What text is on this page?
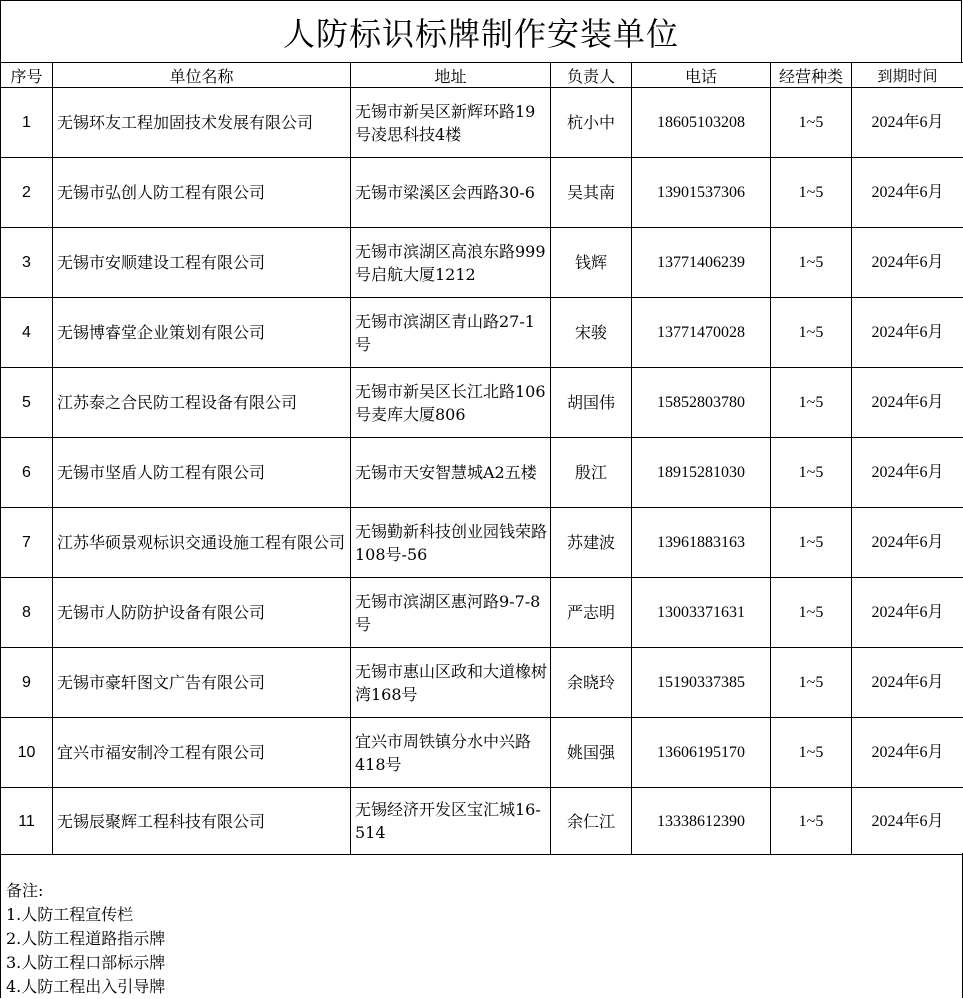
人防标识标牌制作安装单位
序号	单位名称	地址	负责人	电话	经营种类	到期时间
1	无锡环友工程加固技术发展有限公司	无锡市新吴区新辉环路19号凌思科技4楼	杭小中	18605103208	1~5	2024年6月
2	无锡市弘创人防工程有限公司	无锡市梁溪区会西路30-6	吴其南	13901537306	1~5	2024年6月
3	无锡市安顺建设工程有限公司	无锡市滨湖区高浪东路999号启航大厦1212	钱辉	13771406239	1~5	2024年6月
4	无锡博睿堂企业策划有限公司	无锡市滨湖区青山路27-1号	宋骏	13771470028	1~5	2024年6月
5	江苏泰之合民防工程设备有限公司	无锡市新吴区长江北路106号麦库大厦806	胡国伟	15852803780	1~5	2024年6月
6	无锡市坚盾人防工程有限公司	无锡市天安智慧城A2五楼	殷江	18915281030	1~5	2024年6月
7	江苏华硕景观标识交通设施工程有限公司	无锡勤新科技创业园钱荣路108号-56	苏建波	13961883163	1~5	2024年6月
8	无锡市人防防护设备有限公司	无锡市滨湖区惠河路9-7-8号	严志明	13003371631	1~5	2024年6月
9	无锡市豪轩图文广告有限公司	无锡市惠山区政和大道橡树湾168号	余晓玲	15190337385	1~5	2024年6月
10	宜兴市福安制冷工程有限公司	宜兴市周铁镇分水中兴路418号	姚国强	13606195170	1~5	2024年6月
11	无锡辰聚辉工程科技有限公司	无锡经济开发区宝汇城16-514	余仁江	13338612390	1~5	2024年6月
备注:
1.人防工程宣传栏
2.人防工程道路指示牌
3.人防工程口部标示牌
4.人防工程出入引导牌
